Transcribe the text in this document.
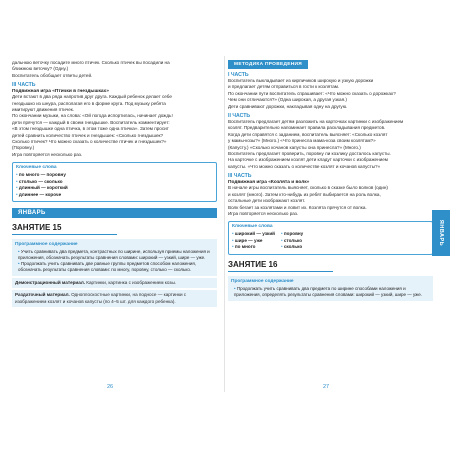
дальнюю веточку посадите много птичек. Сколько птичек вы посадили на
ближнюю веточку? (Одну.)
Воспитатель обобщает ответы детей.
III ЧАСТЬ
Подвижная игра «Птички в гнездышках»
Дети встают в два ряда напротив друг друга. Каждый ребенок делает себе
гнездышко из шнура, располагая его в форме круга. Под музыку ребята
имитируют движения птичек.
По окончании музыки, на слова: «Ой погода испортилась, начинает дождь!
дети прячутся — каждый в своем гнездышке. Воспитатель комментирует:
«В этом гнездышке одна птичка, в этом тоже одна птичка». Затем просит
детей сравнить количество птичек и гнездышек: «Сколько гнездышек?
Сколько птичек? Что можно сказать о количестве птичек и гнездышек?»
(Поровну.)
Игра повторяется несколько раз.
Ключевые слова
• по много — поровну
• столько — сколько
• длинный — короткий
• длиннее — короче
ЯНВАРЬ
ЗАНЯТИЕ 15
Программное содержание
• Учить сравнивать два предмета, контрастных по ширине, используя приемы наложения и приложения, обозначать результаты сравнения словами: широкий — узкий, шире — уже.
• Продолжать учить сравнивать две равные группы предметов способом наложения, обозначать результаты сравнения словами: по многу, поровну, столько — сколько.
Демонстрационный материал. Картинки, картинка с изображением козы.
Раздаточный материал. Одноплоскостные картинки, на подносе — картинки с изображением козлят и кочанов капусты (по 4–5 шт. для каждого ребенка).
26
МЕТОДИКА ПРОВЕДЕНИЯ
I ЧАСТЬ
Воспитатель выкладывает из кирпичиков широкую и узкую дорожки
и предлагает детям отправиться в гости к козлятам.
По окончании пути воспитатель спрашивает: «Что можно сказать о дорожках?
Чем они отличаются?» (Одна широкая, а другая узкая.)
Дети сравнивают дорожки, накладывая одну на другую.
II ЧАСТЬ
Воспитатель предлагает детям разложить на карточках картинки с изображением
козлят. Предварительно напоминает правила раскладывания предметов.
Когда дети справятся с заданием, воспитатель выясняет: «Сколько козлят
у мамы-козы?» (Много.) «Что принесла мама-коза своим козлятам?»
(Капусту.) «Сколько кочанов капусты она принесла?» (Много.)
Воспитатель предлагает проверить, поровну ли козлику досталось капусты.
На карточке с изображением козлят дети кладут карточки с изображением
капусты. «Что можно сказать о количестве козлят и кочанов капусты?»
III ЧАСТЬ
Подвижная игра «Козлята и волк»
В начале игры воспитатель выясняет, сколько в сказке было волков (один)
и козлят (много). Затем кто-нибудь из ребят выбирается на роль волка,
остальные дети изображают козлят.
Волк бегает за козлятами и ловит их. Козлята прячутся от волка.
Игра повторяется несколько раз.
Ключевые слова
• широкий — узкий
• шире — уже
• по много
• поровну
• столько
• сколько
ЗАНЯТИЕ 16
Программное содержание
• Продолжать учить сравнивать два предмета по ширине способами наложения и приложения, определять результаты сравнения словами: широкий — узкий, шире — уже.
27
ЯНВАРЬ
